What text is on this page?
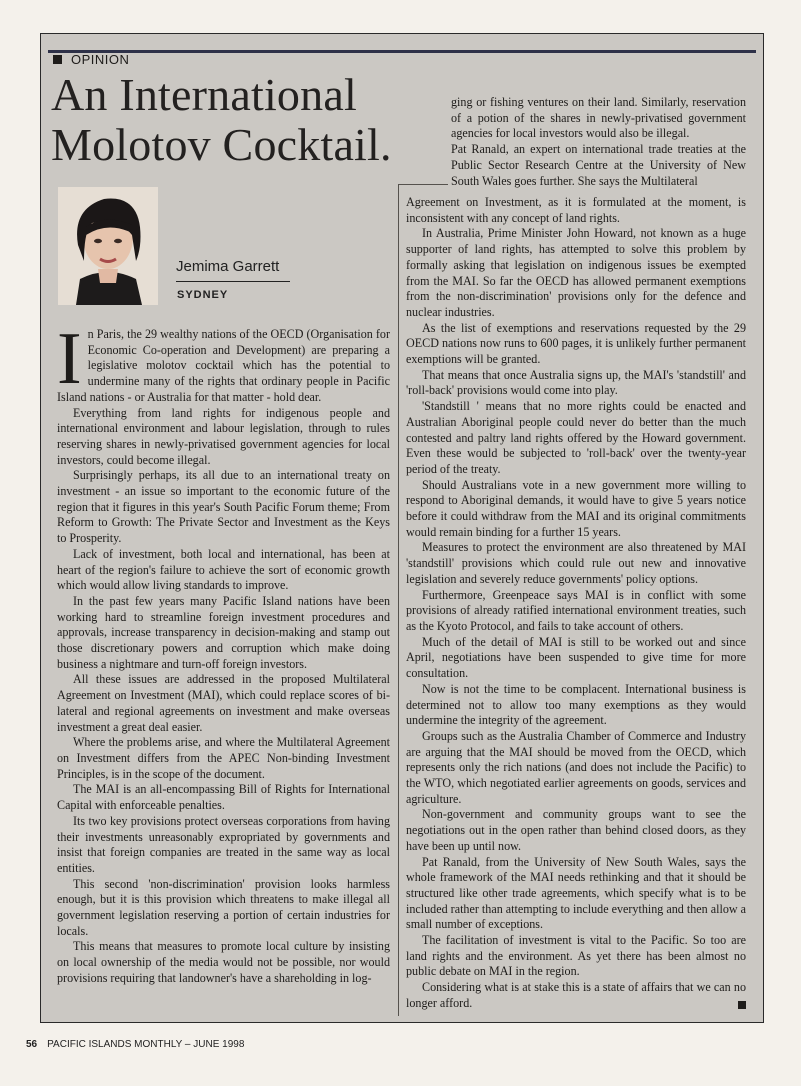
OPINION
An International
Molotov Cocktail.
Jemima Garrett
SYDNEY

In Paris, the 29 wealthy nations of the OECD (Organisation for Economic Co-operation and Development) are preparing a legislative molotov cocktail which has the potential to undermine many of the rights that ordinary people in Pacific Island nations - or Australia for that matter - hold dear.

Everything from land rights for indigenous people and international environment and labour legislation, through to rules reserving shares in newly-privatised government agencies for local investors, could become illegal.

Surprisingly perhaps, its all due to an international treaty on investment - an issue so important to the economic future of the region that it figures in this year's South Pacific Forum theme; From Reform to Growth: The Private Sector and Investment as the Keys to Prosperity.

Lack of investment, both local and international, has been at heart of the region's failure to achieve the sort of economic growth which would allow living standards to improve.

In the past few years many Pacific Island nations have been working hard to streamline foreign investment procedures and approvals, increase transparency in decision-making and stamp out those discretionary powers and corruption which make doing business a nightmare and turn-off foreign investors.

All these issues are addressed in the proposed Multilateral Agreement on Investment (MAI), which could replace scores of bi-lateral and regional agreements on investment and make overseas investment a great deal easier.

Where the problems arise, and where the Multilateral Agreement on Investment differs from the APEC Non-binding Investment Principles, is in the scope of the document.

The MAI is an all-encompassing Bill of Rights for International Capital with enforceable penalties.

Its two key provisions protect overseas corporations from having their investments unreasonably expropriated by governments and insist that foreign companies are treated in the same way as local entities.

This second 'non-discrimination' provision looks harmless enough, but it is this provision which threatens to make illegal all government legislation reserving a portion of certain industries for locals.

This means that measures to promote local culture by insisting on local ownership of the media would not be possible, nor would provisions requiring that landowner's have a shareholding in log-

ging or fishing ventures on their land. Similarly, reservation of a potion of the shares in newly-privatised government agencies for local investors would also be illegal.

Pat Ranald, an expert on international trade treaties at the Public Sector Research Centre at the University of New South Wales goes further. She says the Multilateral

Agreement on Investment, as it is formulated at the moment, is inconsistent with any concept of land rights.

In Australia, Prime Minister John Howard, not known as a huge supporter of land rights, has attempted to solve this problem by formally asking that legislation on indigenous issues be exempted from the MAI. So far the OECD has allowed permanent exemptions from the non-discrimination' provisions only for the defence and nuclear industries.

As the list of exemptions and reservations requested by the 29 OECD nations now runs to 600 pages, it is unlikely further permanent exemptions will be granted.

That means that once Australia signs up, the MAI's 'standstill' and 'roll-back' provisions would come into play.

'Standstill ' means that no more rights could be enacted and Australian Aboriginal people could never do better than the much contested and paltry land rights offered by the Howard government. Even these would be subjected to 'roll-back' over the twenty-year period of the treaty.

Should Australians vote in a new government more willing to respond to Aboriginal demands, it would have to give 5 years notice before it could withdraw from the MAI and its original commitments would remain binding for a further 15 years.

Measures to protect the environment are also threatened by MAI 'standstill' provisions which could rule out new and innovative legislation and severely reduce governments' policy options.

Furthermore, Greenpeace says MAI is in conflict with some provisions of already ratified international environment treaties, such as the Kyoto Protocol, and fails to take account of others.

Much of the detail of MAI is still to be worked out and since April, negotiations have been suspended to give time for more consultation.

Now is not the time to be complacent. International business is determined not to allow too many exemptions as they would undermine the integrity of the agreement.

Groups such as the Australia Chamber of Commerce and Industry are arguing that the MAI should be moved from the OECD, which represents only the rich nations (and does not include the Pacific) to the WTO, which negotiated earlier agreements on goods, services and agriculture.

Non-government and community groups want to see the negotiations out in the open rather than behind closed doors, as they have been up until now.

Pat Ranald, from the University of New South Wales, says the whole framework of the MAI needs rethinking and that it should be structured like other trade agreements, which specify what is to be included rather than attempting to include everything and then allow a small number of exceptions.

The facilitation of investment is vital to the Pacific. So too are land rights and the environment. As yet there has been almost no public debate on MAI in the region.

Considering what is at stake this is a state of affairs that we can no longer afford.

56 PACIFIC ISLANDS MONTHLY – JUNE 1998
